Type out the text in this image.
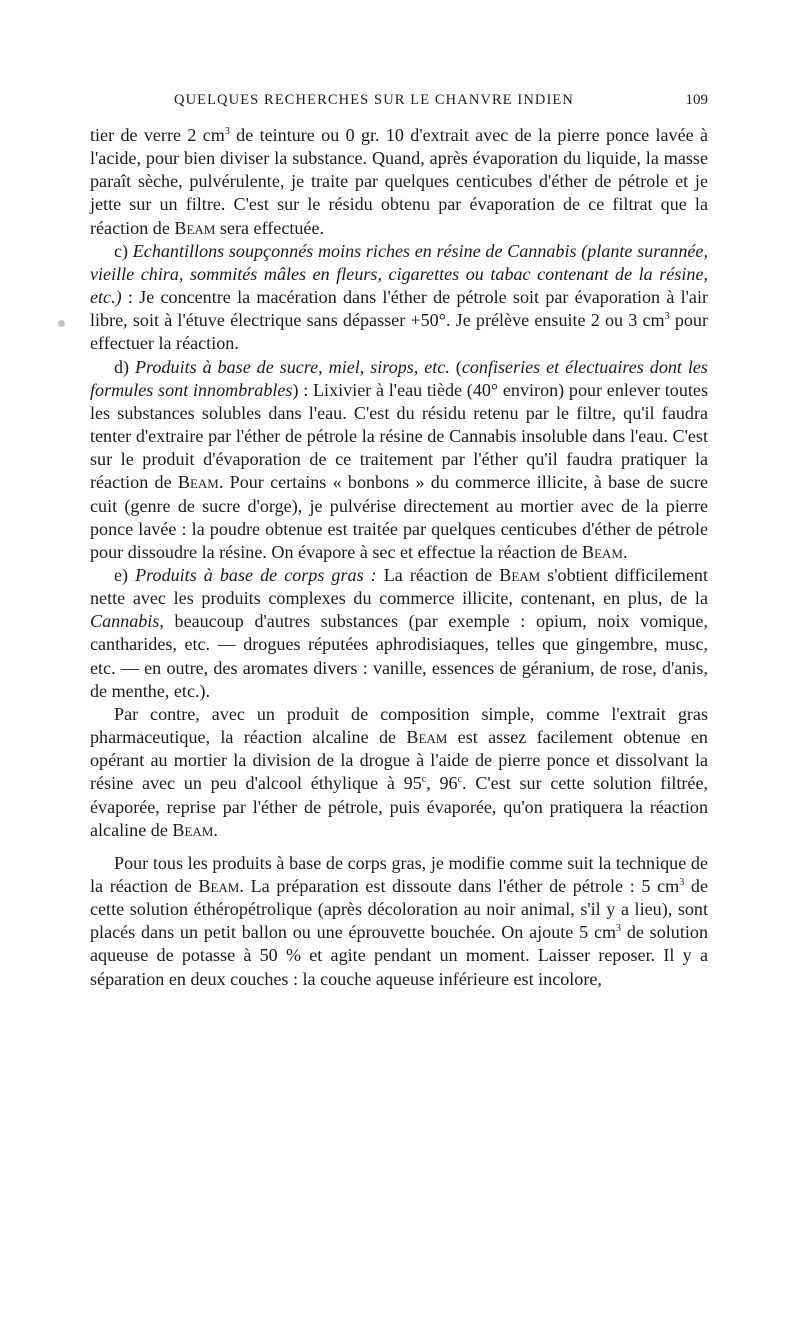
QUELQUES RECHERCHES SUR LE CHANVRE INDIEN	109

tier de verre 2 $cm^3$ de teinture ou 0 gr. 10 d'extrait avec de la pierre ponce lavée à l'acide, pour bien diviser la substance. Quand, après évaporation du liquide, la masse paraît sèche, pulvérulente, je traite par quelques centicubes d'éther de pétrole et je jette sur un filtre. C'est sur le résidu obtenu par évaporation de ce filtrat que la réaction de Beam sera effectuée.

c) Echantillons soupçonnés moins riches en résine de Cannabis (plante surannée, vieille chira, sommités mâles en fleurs, cigarettes ou tabac contenant de la résine, etc.) : Je concentre la macération dans l'éther de pétrole soit par évaporation à l'air libre, soit à l'étuve électrique sans dépasser +50°. Je prélève ensuite 2 ou 3 $cm^3$ pour effectuer la réaction.

d) Produits à base de sucre, miel, sirops, etc. (confiseries et électuaires dont les formules sont innombrables) : Lixivier à l'eau tiède (40° environ) pour enlever toutes les substances solubles dans l'eau. C'est du résidu retenu par le filtre, qu'il faudra tenter d'extraire par l'éther de pétrole la résine de Cannabis insoluble dans l'eau. C'est sur le produit d'évaporation de ce traitement par l'éther qu'il faudra pratiquer la réaction de Beam. Pour certains « bonbons » du commerce illicite, à base de sucre cuit (genre de sucre d'orge), je pulvérise directement au mortier avec de la pierre ponce lavée : la poudre obtenue est traitée par quelques centicubes d'éther de pétrole pour dissoudre la résine. On évapore à sec et effectue la réaction de Beam.

e) Produits à base de corps gras : La réaction de Beam s'obtient difficilement nette avec les produits complexes du commerce illicite, contenant, en plus, de la Cannabis, beaucoup d'autres substances (par exemple : opium, noix vomique, cantharides, etc. — drogues réputées aphrodisiaques, telles que gingembre, musc, etc. — en outre, des aromates divers : vanille, essences de géranium, de rose, d'anis, de menthe, etc.).

Par contre, avec un produit de composition simple, comme l'extrait gras pharmaceutique, la réaction alcaline de Beam est assez facilement obtenue en opérant au mortier la division de la drogue à l'aide de pierre ponce et dissolvant la résine avec un peu d'alcool éthylique à 95$^c$, 96$^c$. C'est sur cette solution filtrée, évaporée, reprise par l'éther de pétrole, puis évaporée, qu'on pratiquera la réaction alcaline de Beam.

Pour tous les produits à base de corps gras, je modifie comme suit la technique de la réaction de Beam. La préparation est dissoute dans l'éther de pétrole : 5 $cm^3$ de cette solution éthéropétrolique (après décoloration au noir animal, s'il y a lieu), sont placés dans un petit ballon ou une éprouvette bouchée. On ajoute 5 $cm^3$ de solution aqueuse de potasse à 50 % et agite pendant un moment. Laisser reposer. Il y a séparation en deux couches : la couche aqueuse inférieure est incolore,
